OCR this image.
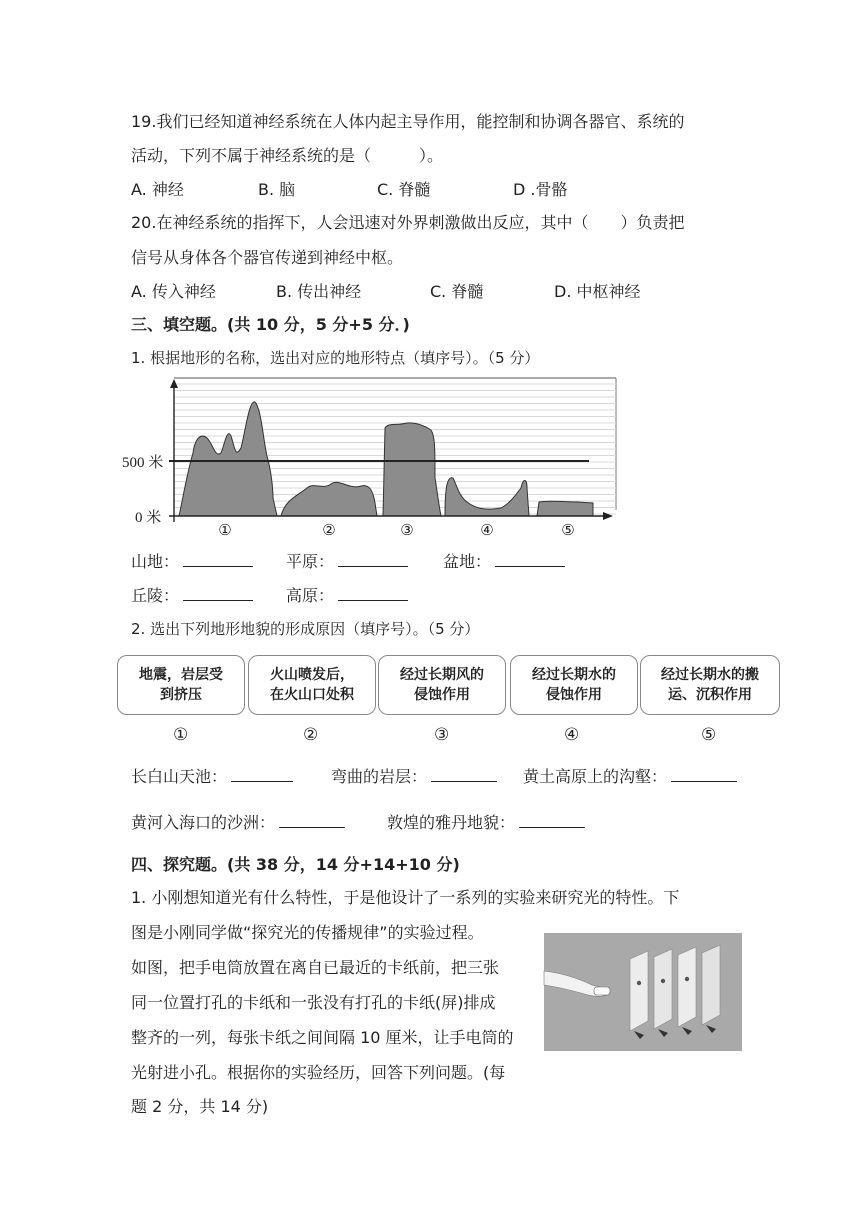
19.我们已经知道神经系统在人体内起主导作用，能控制和协调各器官、系统的
活动，下列不属于神经系统的是（　　　）。
A. 神经	B. 脑	C. 脊髓	D .骨骼
20.在神经系统的指挥下，人会迅速对外界刺激做出反应，其中（　　）负责把
信号从身体各个器官传递到神经中枢。
A. 传入神经	B. 传出神经	C. 脊髓	D. 中枢神经
三、填空题。(共 10 分，5 分+5 分．)
1. 根据地形的名称，选出对应的地形特点（填序号）。（5 分）
500 米
0 米
①	②	③	④	⑤
山地：	平原：	盆地：
丘陵：	高原：
2. 选出下列地形地貌的形成原因（填序号）。（5 分）
地震，岩层受
到挤压
火山喷发后，
在火山口处积
经过长期风的
侵蚀作用
经过长期水的
侵蚀作用
经过长期水的搬
运、沉积作用
①	②	③	④	⑤
长白山天池：	弯曲的岩层：	黄土高原上的沟壑：
黄河入海口的沙洲：	敦煌的雅丹地貌：
四、探究题。(共 38 分，14 分+14+10 分)
1. 小刚想知道光有什么特性，于是他设计了一系列的实验来研究光的特性。下
图是小刚同学做“探究光的传播规律”的实验过程。
如图，把手电筒放置在离自已最近的卡纸前，把三张
同一位置打孔的卡纸和一张没有打孔的卡纸(屏)排成
整齐的一列，每张卡纸之间间隔 10 厘米，让手电筒的
光射进小孔。根据你的实验经历，回答下列问题。(每
题 2 分，共 14 分)
